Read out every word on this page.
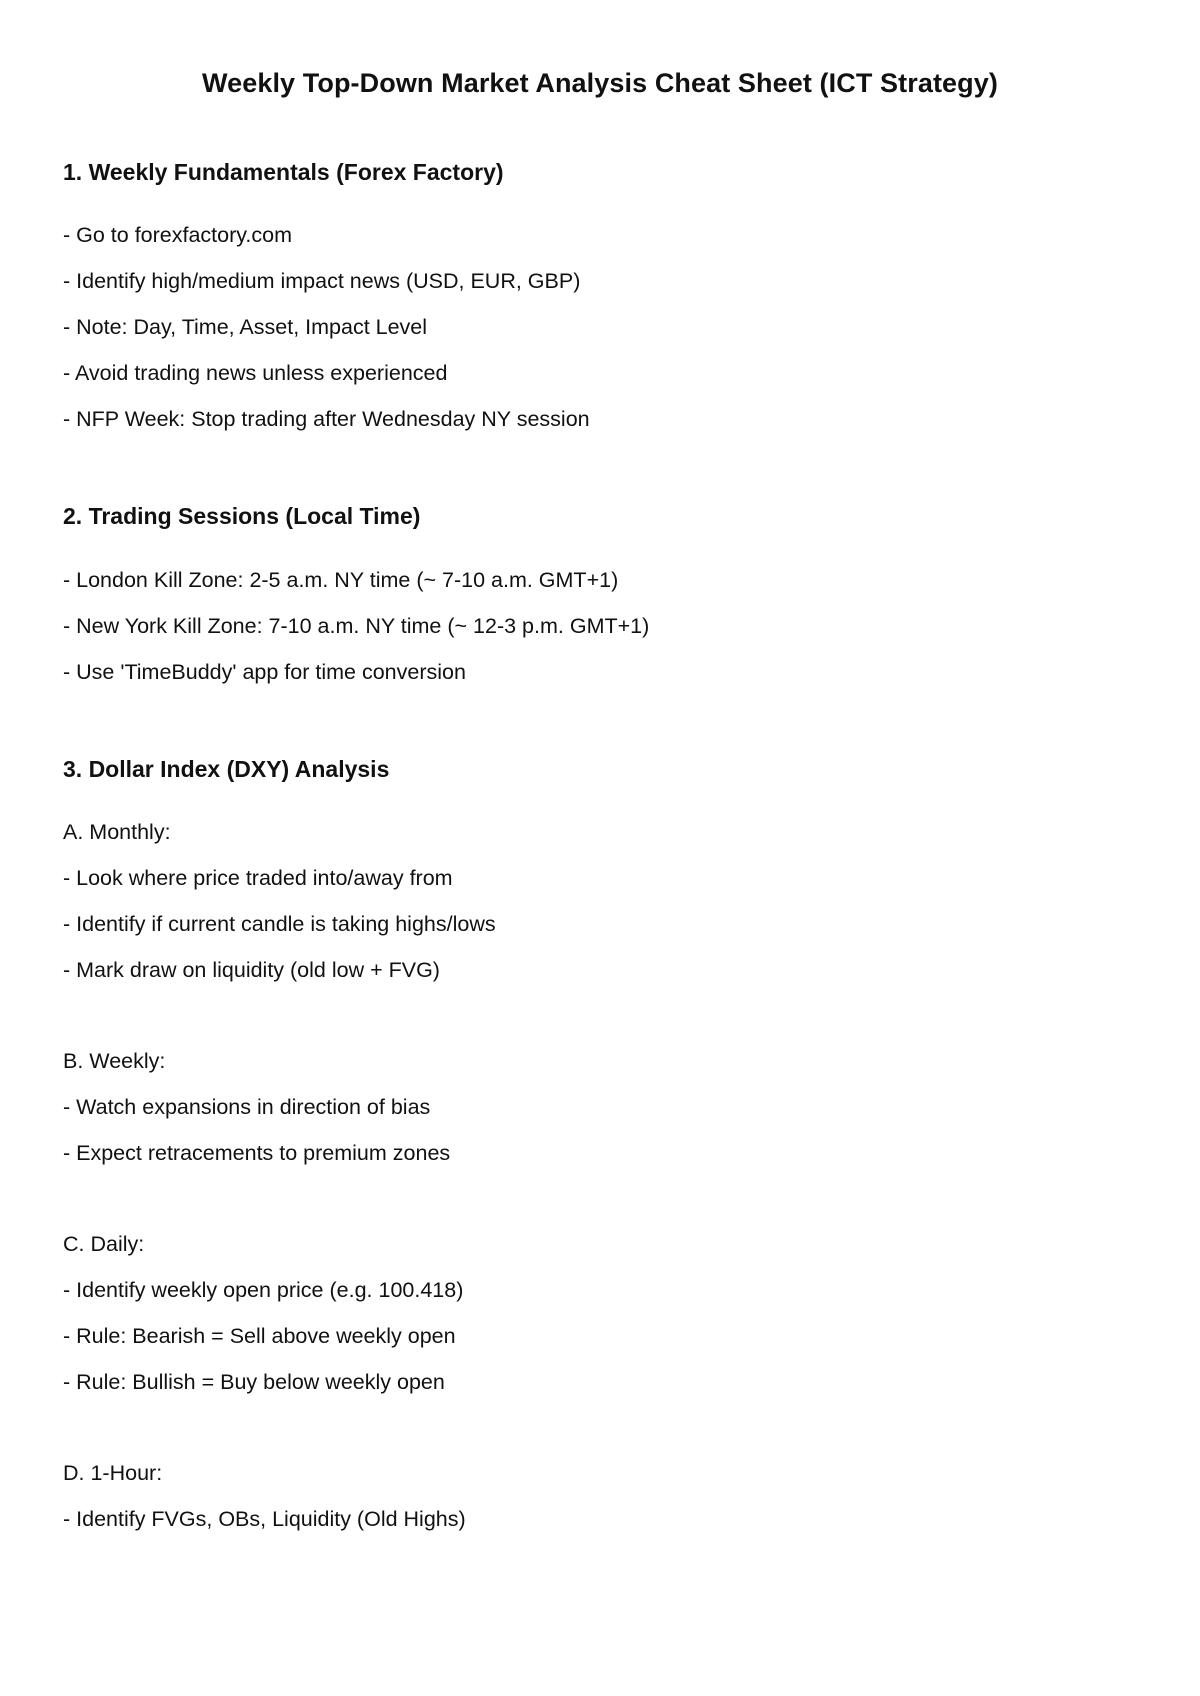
Weekly Top-Down Market Analysis Cheat Sheet (ICT Strategy)
1. Weekly Fundamentals (Forex Factory)
- Go to forexfactory.com
- Identify high/medium impact news (USD, EUR, GBP)
- Note: Day, Time, Asset, Impact Level
- Avoid trading news unless experienced
- NFP Week: Stop trading after Wednesday NY session
2. Trading Sessions (Local Time)
- London Kill Zone: 2-5 a.m. NY time (~ 7-10 a.m. GMT+1)
- New York Kill Zone: 7-10 a.m. NY time (~ 12-3 p.m. GMT+1)
- Use 'TimeBuddy' app for time conversion
3. Dollar Index (DXY) Analysis
A. Monthly:
- Look where price traded into/away from
- Identify if current candle is taking highs/lows
- Mark draw on liquidity (old low + FVG)
B. Weekly:
- Watch expansions in direction of bias
- Expect retracements to premium zones
C. Daily:
- Identify weekly open price (e.g. 100.418)
- Rule: Bearish = Sell above weekly open
- Rule: Bullish = Buy below weekly open
D. 1-Hour:
- Identify FVGs, OBs, Liquidity (Old Highs)
